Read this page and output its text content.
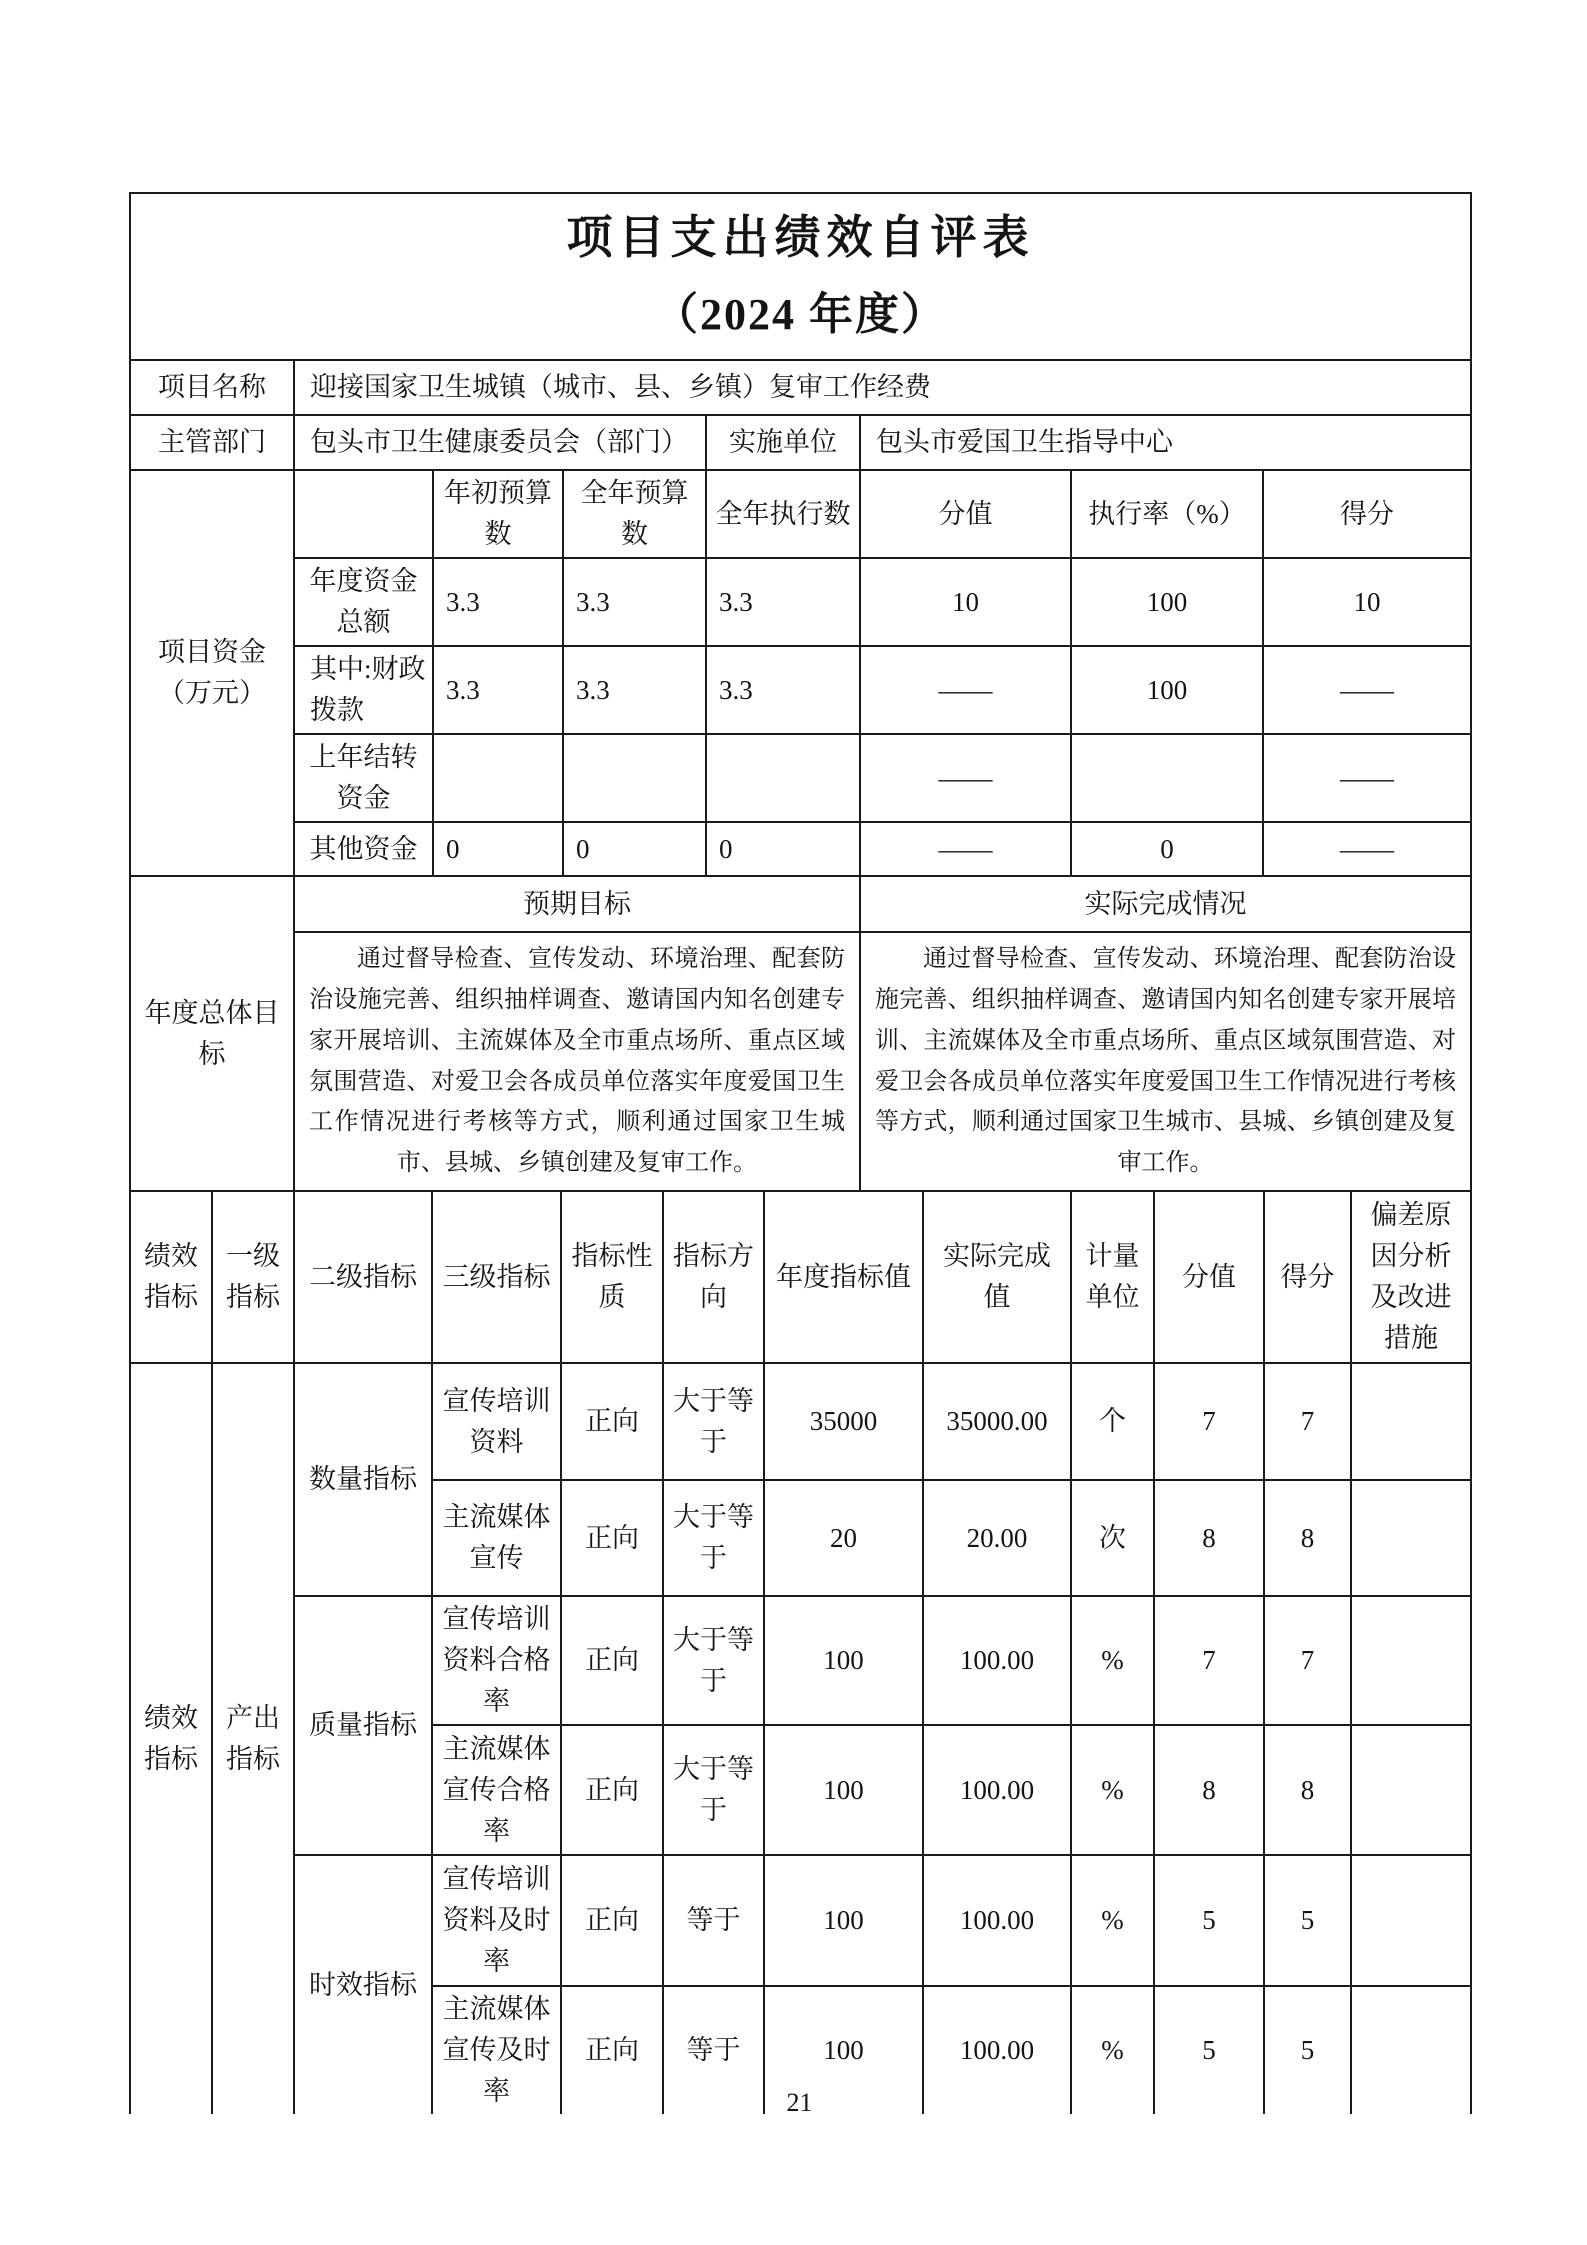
项目支出绩效自评表
（2024 年度）
项目名称	迎接国家卫生城镇（城市、县、乡镇）复审工作经费		
主管部门	包头市卫生健康委员会（部门）	实施单位	包头市爱国卫生指导中心
项目资金（万元）		年初预算数	全年预算数	全年执行数	分值	执行率（%）	得分
	年度资金总额	3.3	3.3	3.3	10	100	10
	其中:财政拨款	3.3	3.3	3.3	——	100	——
	上年结转资金				——		——
	其他资金	0	0	0	——	0	——
年度总体目标	预期目标	实际完成情况
	通过督导检查、宣传发动、环境治理、配套防治设施完善、组织抽样调查、邀请国内知名创建专家开展培训、主流媒体及全市重点场所、重点区域氛围营造、对爱卫会各成员单位落实年度爱国卫生工作情况进行考核等方式，顺利通过国家卫生城市、县城、乡镇创建及复审工作。	通过督导检查、宣传发动、环境治理、配套防治设施完善、组织抽样调查、邀请国内知名创建专家开展培训、主流媒体及全市重点场所、重点区域氛围营造、对爱卫会各成员单位落实年度爱国卫生工作情况进行考核等方式，顺利通过国家卫生城市、县城、乡镇创建及复审工作。
绩效指标	一级指标	二级指标	三级指标	指标性质	指标方向	年度指标值	实际完成值	计量单位	分值	得分	偏差原因分析及改进措施
绩效指标	产出指标	数量指标	宣传培训资料	正向	大于等于	35000	35000.00	个	7	7	
			主流媒体宣传	正向	大于等于	20	20.00	次	8	8	
		质量指标	宣传培训资料合格率	正向	大于等于	100	100.00	%	7	7	
			主流媒体宣传合格率	正向	大于等于	100	100.00	%	8	8	
		时效指标	宣传培训资料及时率	正向	等于	100	100.00	%	5	5	
			主流媒体宣传及时率	正向	等于	100	100.00	%	5	5	
21
